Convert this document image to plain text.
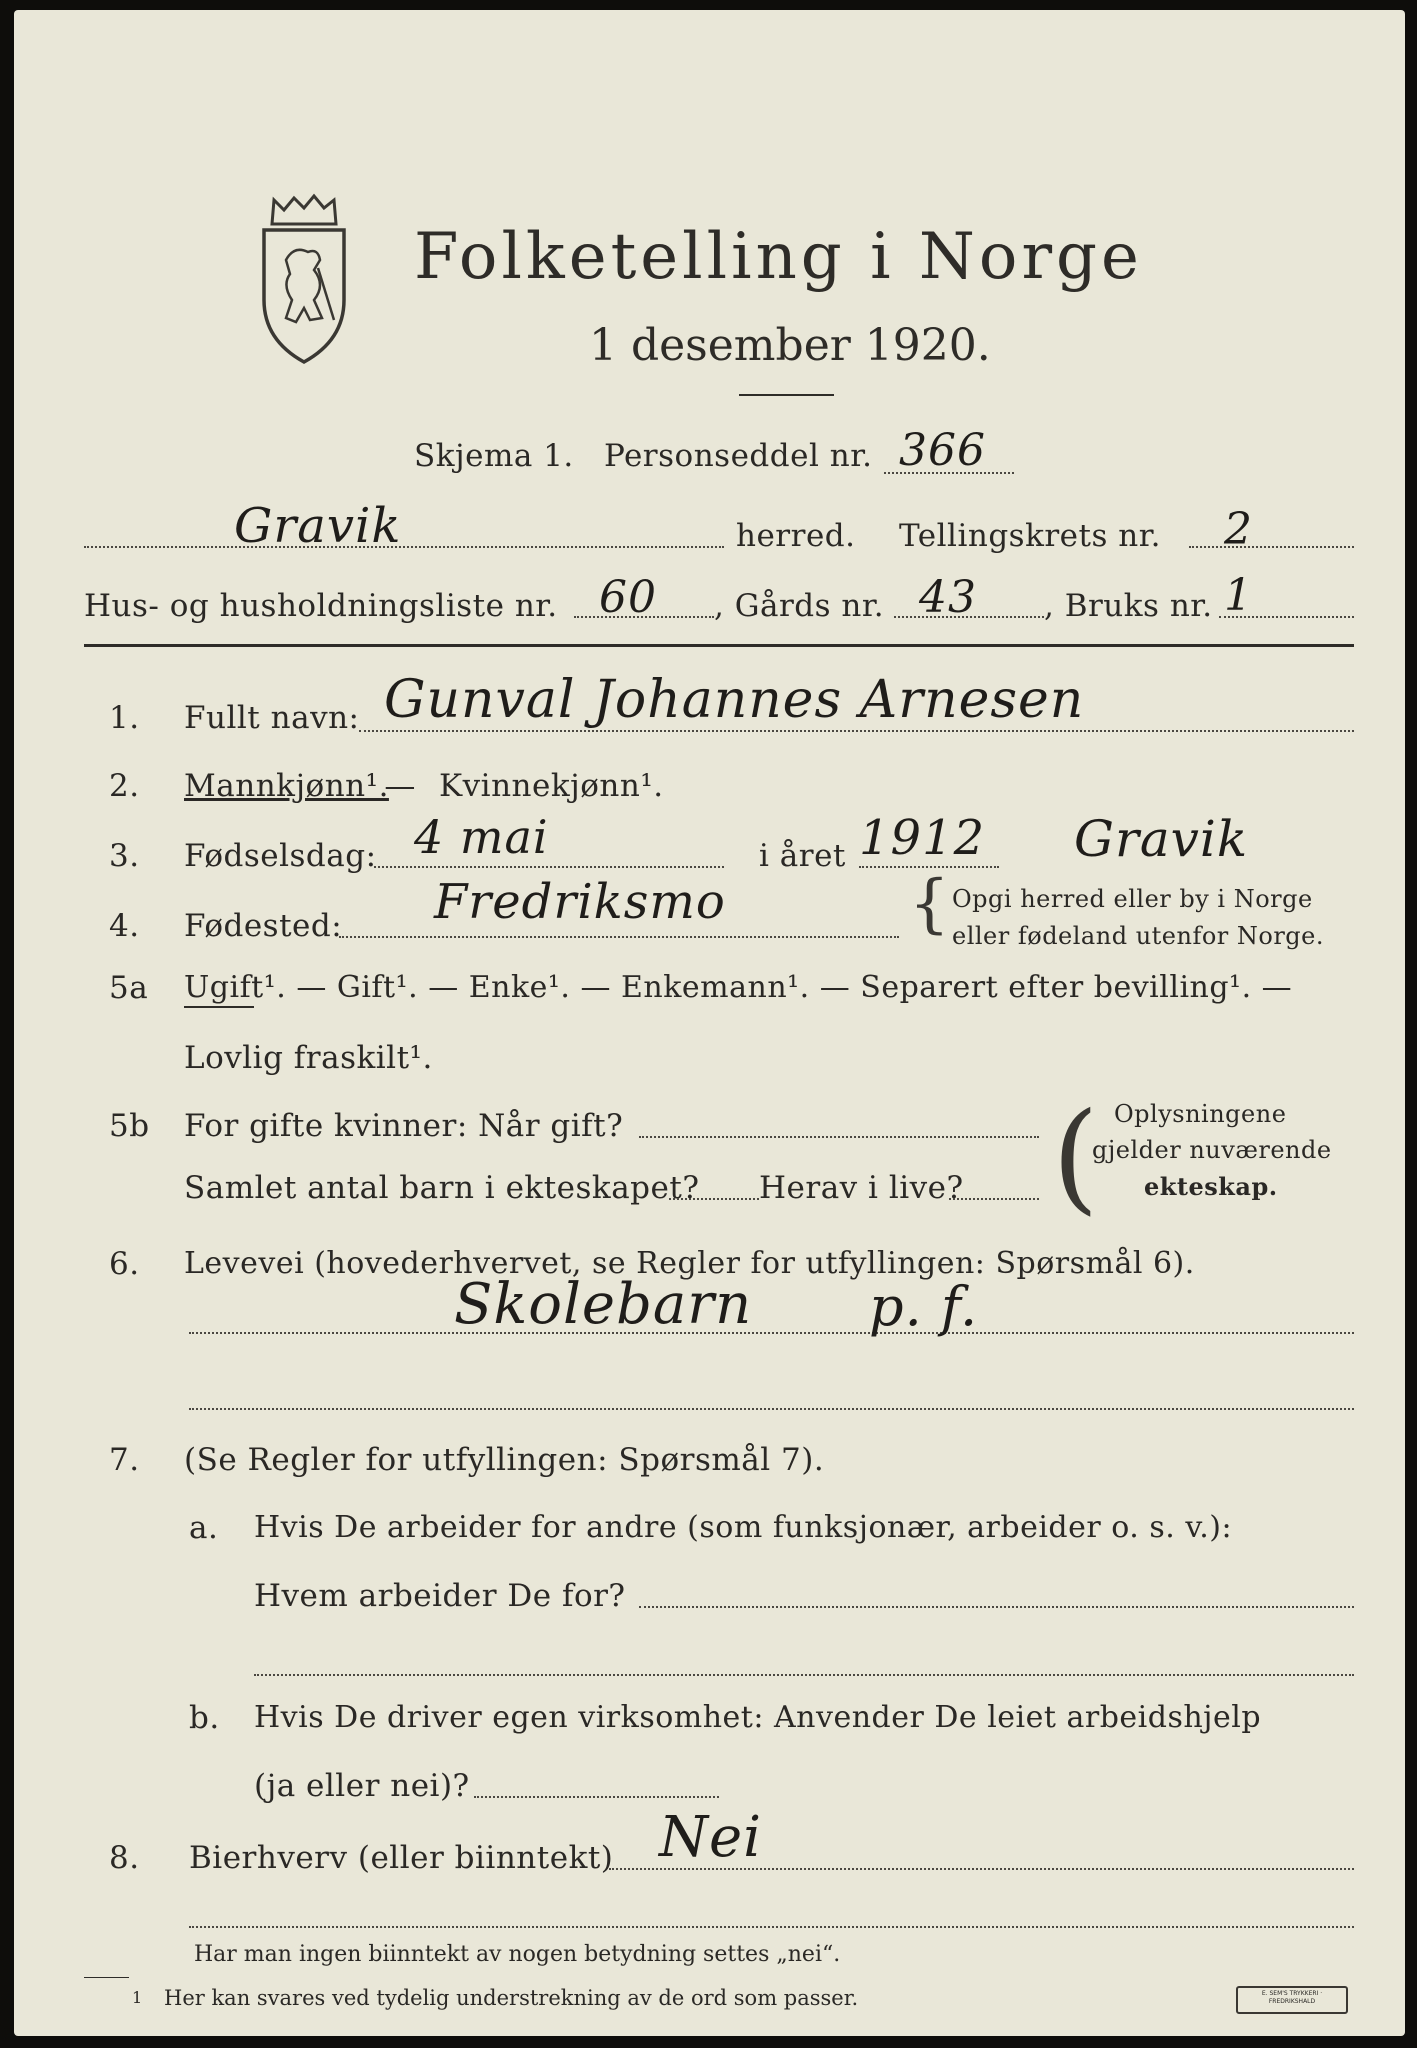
Folketelling i Norge
1 desember 1920.
Skjema 1. Personseddel nr. 366
Gravik	herred. Tellingskrets nr. 2
Hus- og husholdningsliste nr. 60 , Gårds nr. 43 , Bruks nr. 1
1. Fullt navn: Gunval Johannes Arnesen
2. Mannkjønn¹.
— Kvinnekjønn¹.
3. Fødselsdag: 4 mai	i året 1912 Gravik
4. Fødested: Fredriksmo	{ Opgi herred eller by i Norge
eller fødeland utenfor Norge.
5a Ugift¹. — Gift¹. — Enke¹. — Enkemann¹. — Separert efter bevilling¹. —
Lovlig fraskilt¹.
5b For gifte kvinner: Når gift?
Samlet antal barn i ekteskapet? Herav i live? ( Oplysningene
gjelder nuværende
ekteskap.
6. Levevei (hovederhvervet, se Regler for utfyllingen: Spørsmål 6).
Skolebarn p. f.
7. (Se Regler for utfyllingen: Spørsmål 7).
a. Hvis De arbeider for andre (som funksjonær, arbeider o. s. v.):
Hvem arbeider De for?
b. Hvis De driver egen virksomhet: Anvender De leiet arbeidshjelp
(ja eller nei)?
8. Bierhverv (eller biinntekt) Nei
Har man ingen biinntekt av nogen betydning settes „nei“.
1 Her kan svares ved tydelig understrekning av de ord som passer.	E. SEM'S TRYKKERI · FREDRIKSHALD
